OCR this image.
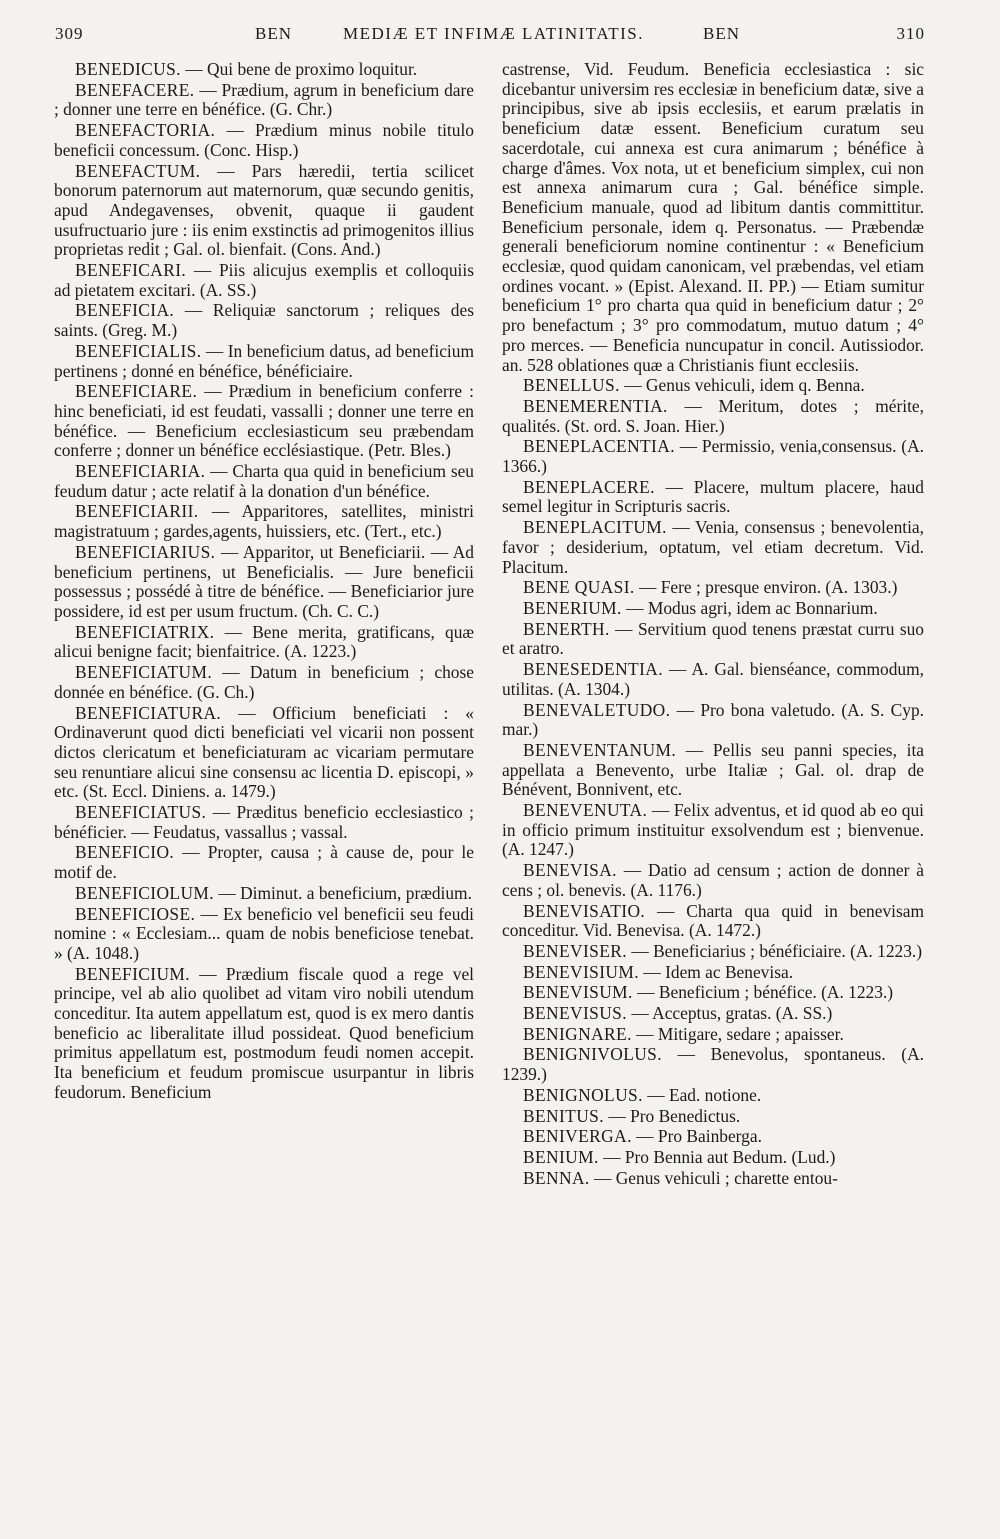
309	BEN	MEDIÆ ET INFIMÆ LATINITATIS.	BEN	310

BENEDICUS. — Qui bene de proximo loquitur.

BENEFACERE. — Prædium, agrum in beneficium dare ; donner une terre en bénéfice. (G. Chr.)

BENEFACTORIA. — Prædium minus nobile titulo beneficii concessum. (Conc. Hisp.)

BENEFACTUM. — Pars hæredii, tertia scilicet bonorum paternorum aut maternorum, quæ secundo genitis, apud Andegavenses, obvenit, quaque ii gaudent usufructuario jure : iis enim exstinctis ad primogenitos illius proprietas redit ; Gal. ol. bienfait. (Cons. And.)

BENEFICARI. — Piis alicujus exemplis et colloquiis ad pietatem excitari. (A. SS.)

BENEFICIA. — Reliquiæ sanctorum ; reliques des saints. (Greg. M.)

BENEFICIALIS. — In beneficium datus, ad beneficium pertinens ; donné en bénéfice, bénéficiaire.

BENEFICIARE. — Prædium in beneficium conferre : hinc beneficiati, id est feudati, vassalli ; donner une terre en bénéfice. — Beneficium ecclesiasticum seu præbendam conferre ; donner un bénéfice ecclésiastique. (Petr. Bles.)

BENEFICIARIA. — Charta qua quid in beneficium seu feudum datur ; acte relatif à la donation d'un bénéfice.

BENEFICIARII. — Apparitores, satellites, ministri magistratuum ; gardes,agents, huissiers, etc. (Tert., etc.)

BENEFICIARIUS. — Apparitor, ut Beneficiarii. — Ad beneficium pertinens, ut Beneficialis. — Jure beneficii possessus ; possédé à titre de bénéfice. — Beneficiarior jure possidere, id est per usum fructum. (Ch. C. C.)

BENEFICIATRIX. — Bene merita, gratificans, quæ alicui benigne facit; bienfaitrice. (A. 1223.)

BENEFICIATUM. — Datum in beneficium ; chose donnée en bénéfice. (G. Ch.)

BENEFICIATURA. — Officium beneficiati : « Ordinaverunt quod dicti beneficiati vel vicarii non possent dictos clericatum et beneficiaturam ac vicariam permutare seu renuntiare alicui sine consensu ac licentia D. episcopi, » etc. (St. Eccl. Diniens. a. 1479.)

BENEFICIATUS. — Præditus beneficio ecclesiastico ; bénéficier. — Feudatus, vassallus ; vassal.

BENEFICIO. — Propter, causa ; à cause de, pour le motif de.

BENEFICIOLUM. — Diminut. a beneficium, prædium.

BENEFICIOSE. — Ex beneficio vel beneficii seu feudi nomine : « Ecclesiam... quam de nobis beneficiose tenebat. » (A. 1048.)

BENEFICIUM. — Prædium fiscale quod a rege vel principe, vel ab alio quolibet ad vitam viro nobili utendum conceditur. Ita autem appellatum est, quod is ex mero dantis beneficio ac liberalitate illud possideat. Quod beneficium primitus appellatum est, postmodum feudi nomen accepit. Ita beneficium et feudum promiscue usurpantur in libris feudorum. Beneficium

castrense, Vid. Feudum. Beneficia ecclesiastica : sic dicebantur universim res ecclesiæ in beneficium datæ, sive a principibus, sive ab ipsis ecclesiis, et earum prælatis in beneficium datæ essent. Beneficium curatum seu sacerdotale, cui annexa est cura animarum ; bénéfice à charge d'âmes. Vox nota, ut et beneficium simplex, cui non est annexa animarum cura ; Gal. bénéfice simple. Beneficium manuale, quod ad libitum dantis committitur. Beneficium personale, idem q. Personatus. — Præbendæ generali beneficiorum nomine continentur : « Beneficium ecclesiæ, quod quidam canonicam, vel præbendas, vel etiam ordines vocant. » (Epist. Alexand. II. PP.) — Etiam sumitur beneficium 1° pro charta qua quid in beneficium datur ; 2° pro benefactum ; 3° pro commodatum, mutuo datum ; 4° pro merces. — Beneficia nuncupatur in concil. Autissiodor. an. 528 oblationes quæ a Christianis fiunt ecclesiis.

BENELLUS. — Genus vehiculi, idem q. Benna.

BENEMERENTIA. — Meritum, dotes ; mérite, qualités. (St. ord. S. Joan. Hier.)

BENEPLACENTIA. — Permissio, venia,consensus. (A. 1366.)

BENEPLACERE. — Placere, multum placere, haud semel legitur in Scripturis sacris.

BENEPLACITUM. — Venia, consensus ; benevolentia, favor ; desiderium, optatum, vel etiam decretum. Vid. Placitum.

BENE QUASI. — Fere ; presque environ. (A. 1303.)

BENERIUM. — Modus agri, idem ac Bonnarium.

BENERTH. — Servitium quod tenens præstat curru suo et aratro.

BENESEDENTIA. — A. Gal. bienséance, commodum, utilitas. (A. 1304.)

BENEVALETUDO. — Pro bona valetudo. (A. S. Cyp. mar.)

BENEVENTANUM. — Pellis seu panni species, ita appellata a Benevento, urbe Italiæ ; Gal. ol. drap de Bénévent, Bonnivent, etc.

BENEVENUTA. — Felix adventus, et id quod ab eo qui in officio primum instituitur exsolvendum est ; bienvenue. (A. 1247.)

BENEVISA. — Datio ad censum ; action de donner à cens ; ol. benevis. (A. 1176.)

BENEVISATIO. — Charta qua quid in benevisam conceditur. Vid. Benevisa. (A. 1472.)

BENEVISER. — Beneficiarius ; bénéficiaire. (A. 1223.)

BENEVISIUM. — Idem ac Benevisa.

BENEVISUM. — Beneficium ; bénéfice. (A. 1223.)

BENEVISUS. — Acceptus, gratas. (A. SS.)

BENIGNARE. — Mitigare, sedare ; apaisser.

BENIGNIVOLUS. — Benevolus, spontaneus. (A. 1239.)

BENIGNOLUS. — Ead. notione.

BENITUS. — Pro Benedictus.

BENIVERGA. — Pro Bainberga.

BENIUM. — Pro Bennia aut Bedum. (Lud.)

BENNA. — Genus vehiculi ; charette entou-
